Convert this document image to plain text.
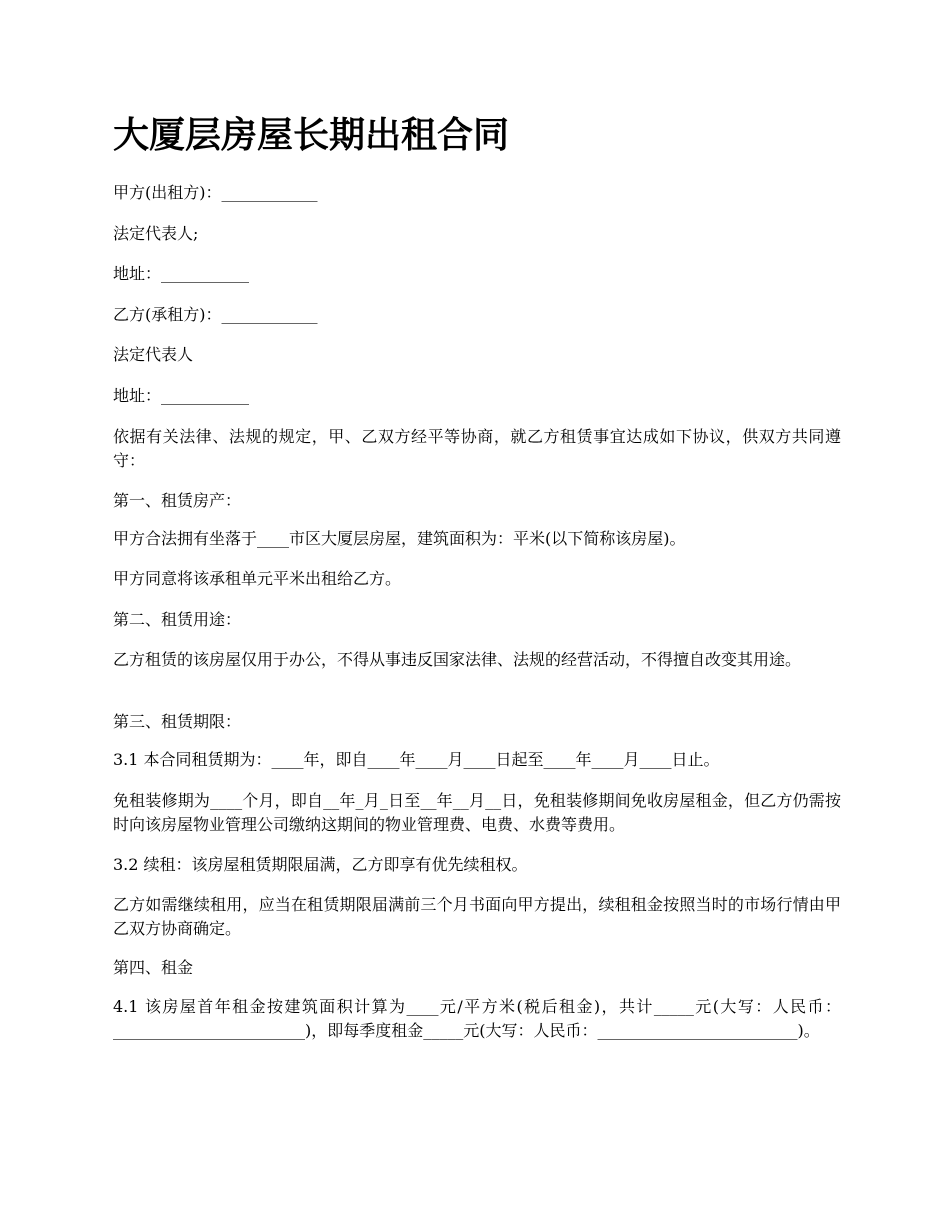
大厦层房屋长期出租合同

甲方(出租方)：____________

法定代表人;

地址：___________

乙方(承租方)：____________

法定代表人

地址：___________

依据有关法律、法规的规定，甲、乙双方经平等协商，就乙方租赁事宜达成如下协议，供双方共同遵守：

第一、租赁房产：

甲方合法拥有坐落于____市区大厦层房屋，建筑面积为：平米(以下简称该房屋)。

甲方同意将该承租单元平米出租给乙方。

第二、租赁用途：

乙方租赁的该房屋仅用于办公，不得从事违反国家法律、法规的经营活动，不得擅自改变其用途。

第三、租赁期限：

3.1 本合同租赁期为：____年，即自____年____月____日起至____年____月____日止。

免租装修期为____个月，即自__年_月_日至__年__月__日，免租装修期间免收房屋租金，但乙方仍需按时向该房屋物业管理公司缴纳这期间的物业管理费、电费、水费等费用。

3.2 续租：该房屋租赁期限届满，乙方即享有优先续租权。

乙方如需继续租用，应当在租赁期限届满前三个月书面向甲方提出，续租租金按照当时的市场行情由甲乙双方协商确定。

第四、租金

4.1 该房屋首年租金按建筑面积计算为____元/平方米(税后租金)，共计_____元(大写：人民币：________________________)，即每季度租金_____元(大写：人民币：_________________________)。
